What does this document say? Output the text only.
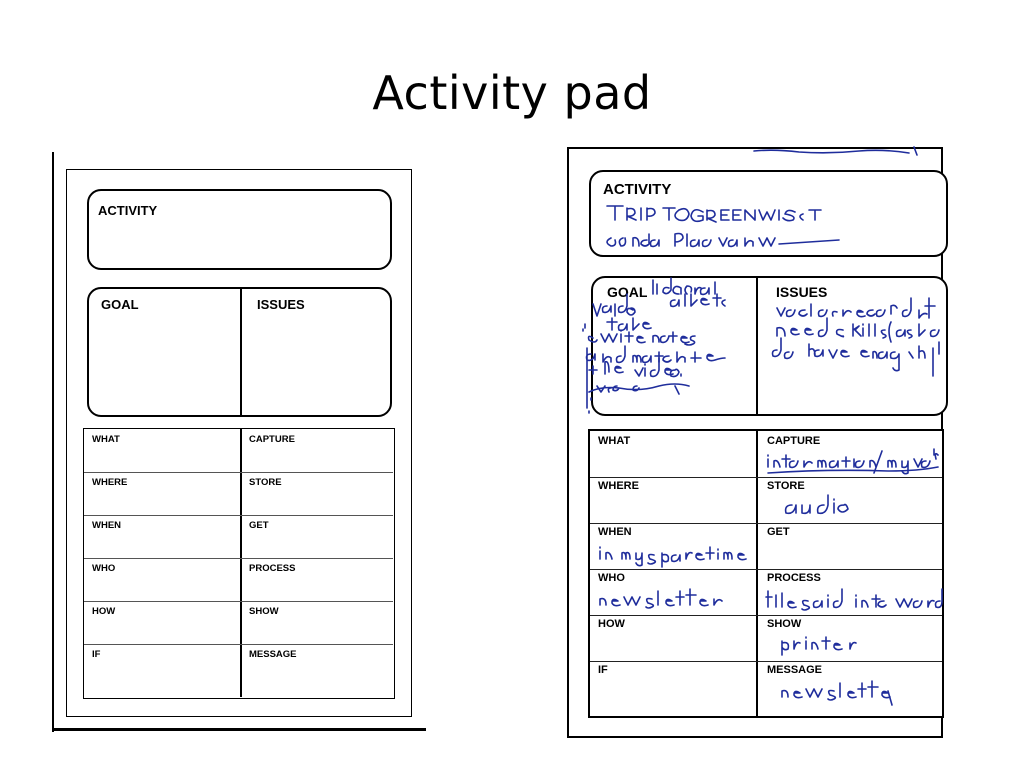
Activity pad
ACTIVITY
GOAL	ISSUES
WHAT	CAPTURE
WHERE	STORE
WHEN	GET
WHO	PROCESS
HOW	SHOW
IF	MESSAGE
ACTIVITY
GOAL	ISSUES
WHAT	CAPTURE
WHERE	STORE
WHEN	GET
WHO	PROCESS
HOW	SHOW
IF	MESSAGE
